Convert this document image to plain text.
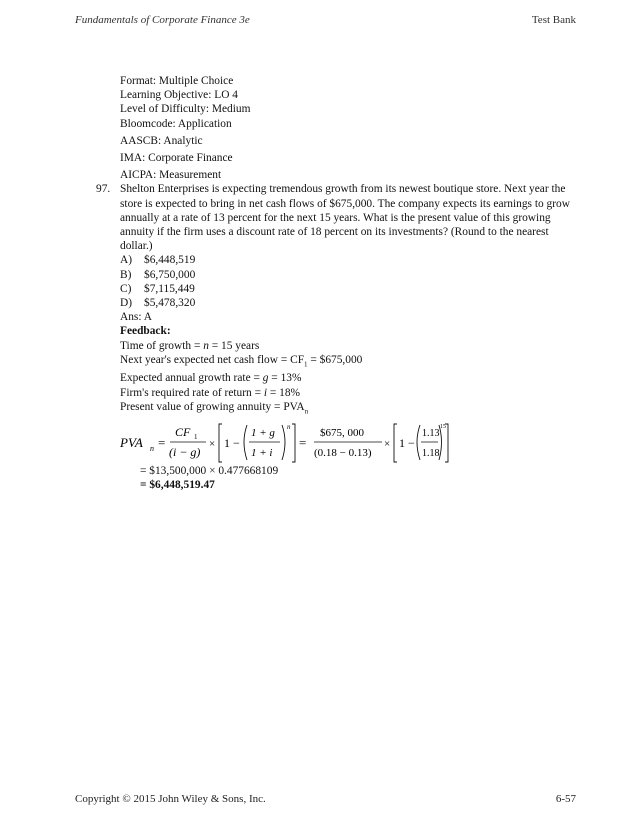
Fundamentals of Corporate Finance 3e	Test Bank
Format: Multiple Choice
Learning Objective: LO 4
Level of Difficulty: Medium
Bloomcode: Application
AASCB: Analytic
IMA: Corporate Finance
AICPA: Measurement
97. Shelton Enterprises is expecting tremendous growth from its newest boutique store. Next year the store is expected to bring in net cash flows of $675,000. The company expects its earnings to grow annually at a rate of 13 percent for the next 15 years. What is the present value of this growing annuity if the firm uses a discount rate of 18 percent on its investments? (Round to the nearest dollar.)
A)	$6,448,519
B)	$6,750,000
C)	$7,115,449
D)	$5,478,320
Ans: A
Feedback:
Time of growth = n = 15 years
Next year's expected net cash flow = $CF_1$ = $675,000
Expected annual growth rate = g = 13%
Firm's required rate of return = i = 18%
Present value of growing annuity = $PVA_n$
PVA n =
CF 1
(i − g)
× 1 −
1 + g
1 + i
n
=
$675, 000
(0.18 − 0.13)
× 1 −
1.13
1.18
15
= $13,500,000 × 0.477668109
= $6,448,519.47
Copyright © 2015 John Wiley & Sons, Inc.	6-57
